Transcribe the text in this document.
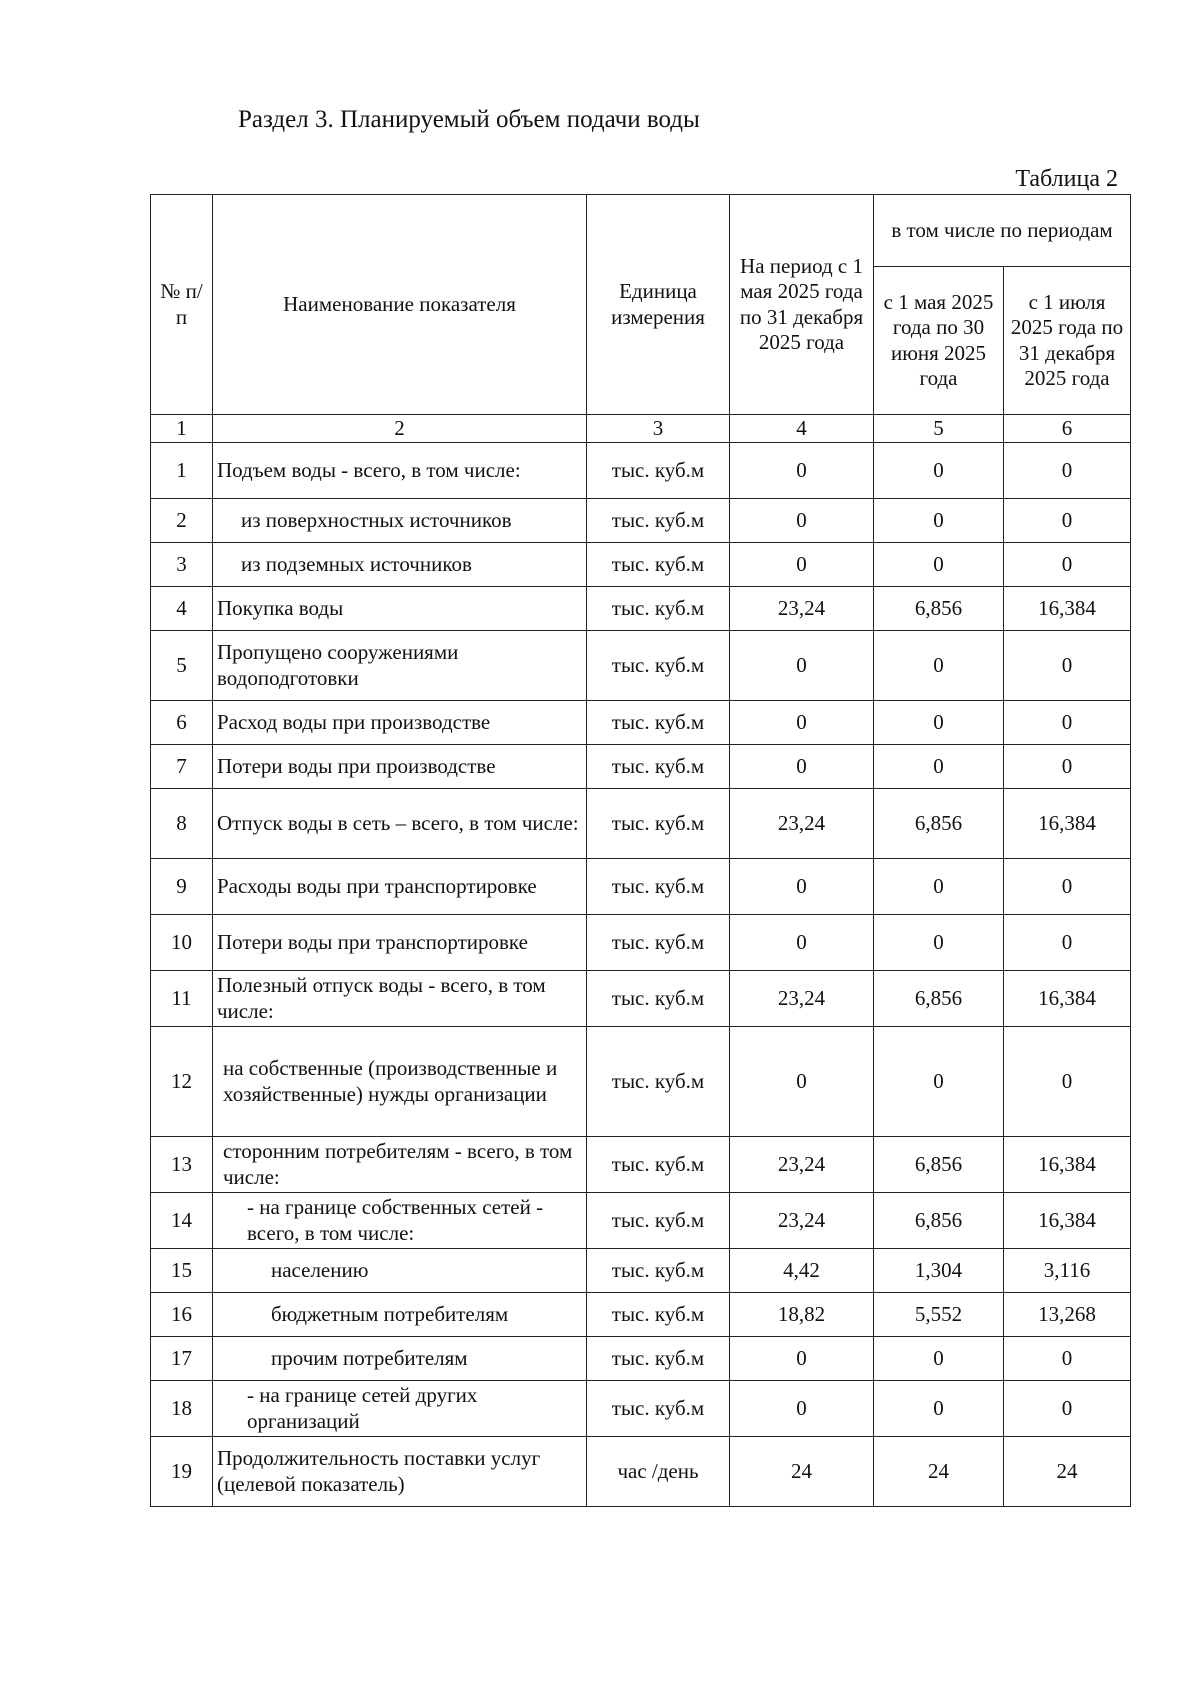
Раздел 3. Планируемый объем подачи воды
Таблица 2
№ п/п	Наименование показателя	Единица измерения	На период с 1 мая 2025 года по 31 декабря 2025 года	в том числе по периодам	
				с 1 мая 2025 года по 30 июня 2025 года	с 1 июля 2025 года по 31 декабря 2025 года
1	2	3	4	5	6
1	Подъем воды - всего, в том числе:	тыс. куб.м	0	0	0
2	из поверхностных источников	тыс. куб.м	0	0	0
3	из подземных источников	тыс. куб.м	0	0	0
4	Покупка воды	тыс. куб.м	23,24	6,856	16,384
5	Пропущено сооружениями водоподготовки	тыс. куб.м	0	0	0
6	Расход воды при производстве	тыс. куб.м	0	0	0
7	Потери воды при производстве	тыс. куб.м	0	0	0
8	Отпуск воды в сеть – всего, в том числе:	тыс. куб.м	23,24	6,856	16,384
9	Расходы воды при транспортировке	тыс. куб.м	0	0	0
10	Потери воды при транспортировке	тыс. куб.м	0	0	0
11	Полезный отпуск воды - всего, в том числе:	тыс. куб.м	23,24	6,856	16,384
12	на собственные (производственные и хозяйственные) нужды организации	тыс. куб.м	0	0	0
13	сторонним потребителям - всего, в том числе:	тыс. куб.м	23,24	6,856	16,384
14	- на границе собственных сетей - всего, в том числе:	тыс. куб.м	23,24	6,856	16,384
15	населению	тыс. куб.м	4,42	1,304	3,116
16	бюджетным потребителям	тыс. куб.м	18,82	5,552	13,268
17	прочим потребителям	тыс. куб.м	0	0	0
18	- на границе сетей других организаций	тыс. куб.м	0	0	0
19	Продолжительность поставки услуг (целевой показатель)	час /день	24	24	24
